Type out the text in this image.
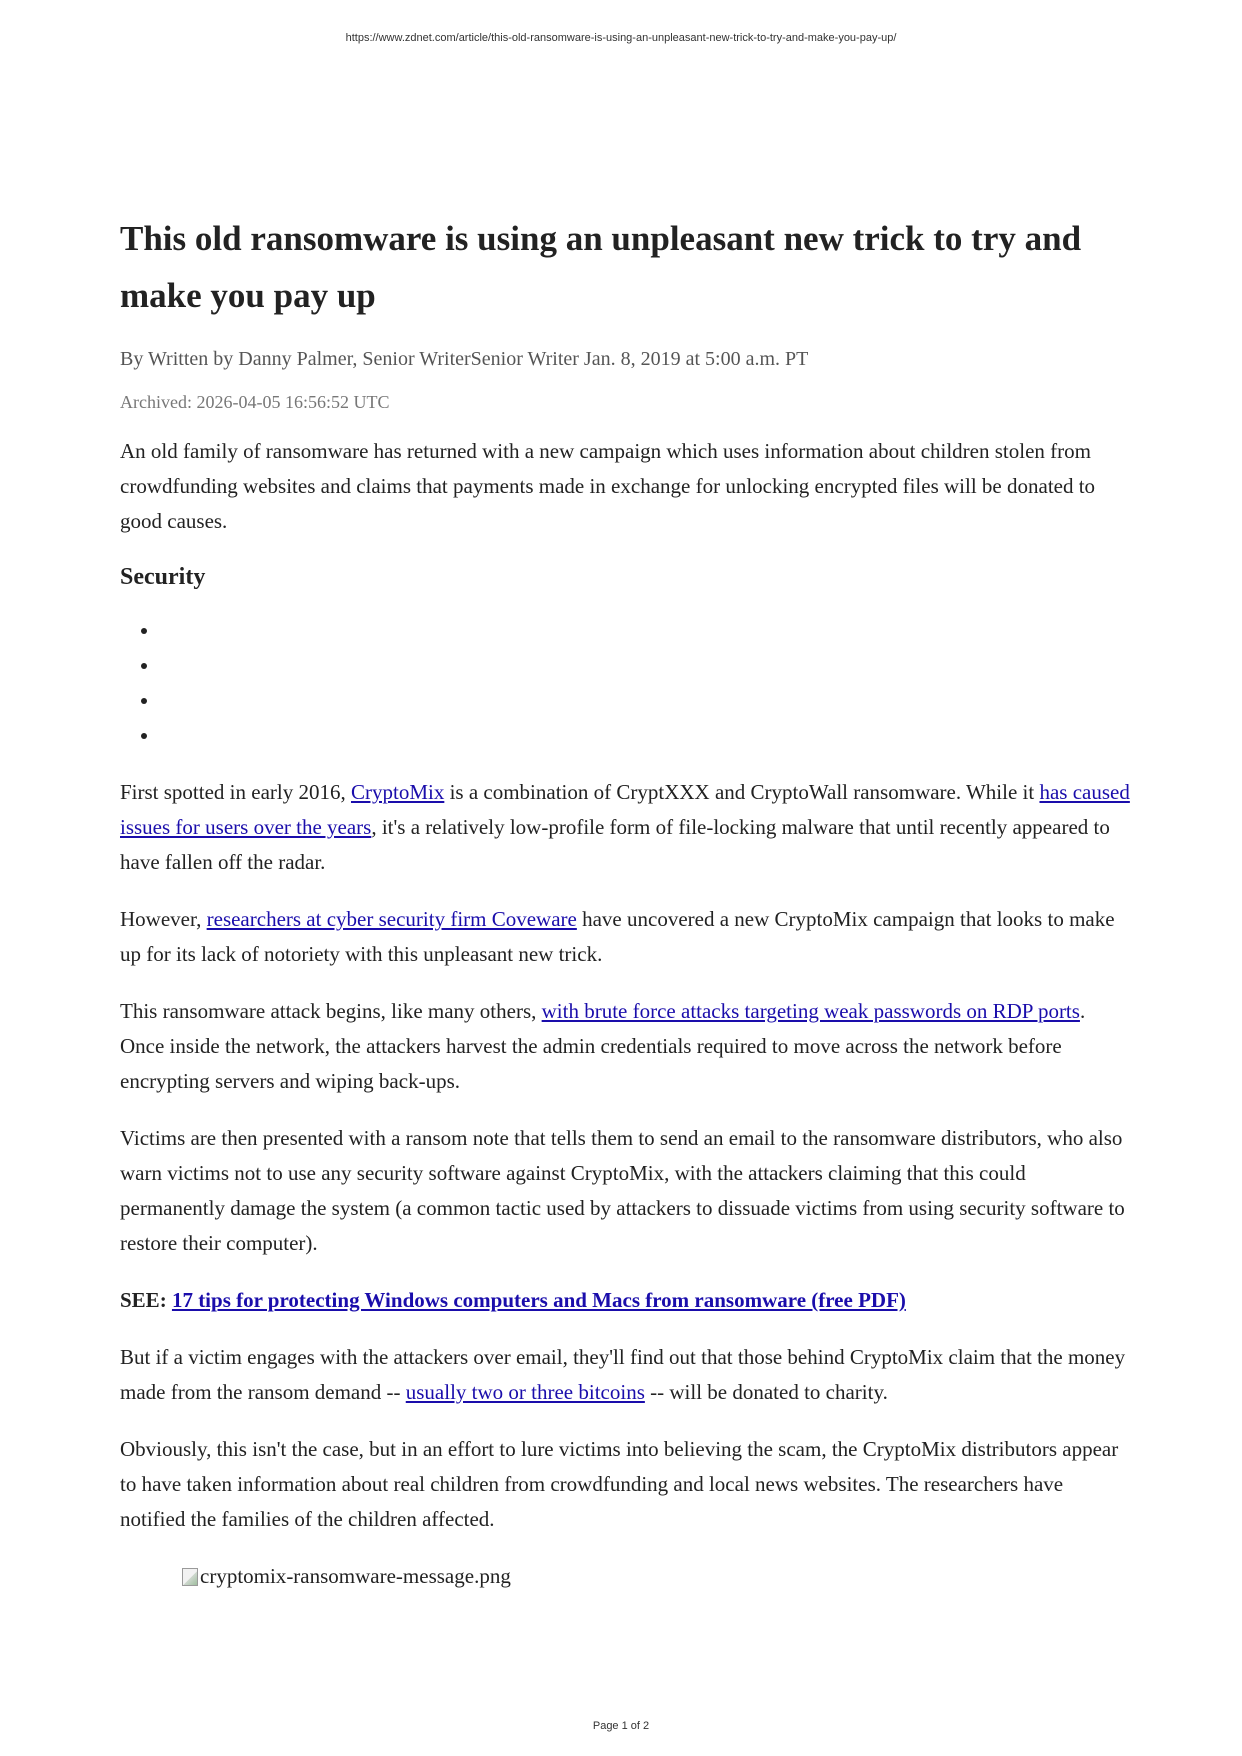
https://www.zdnet.com/article/this-old-ransomware-is-using-an-unpleasant-new-trick-to-try-and-make-you-pay-up/
This old ransomware is using an unpleasant new trick to try and make you pay up
By Written by Danny Palmer, Senior WriterSenior Writer Jan. 8, 2019 at 5:00 a.m. PT
Archived: 2026-04-05 16:56:52 UTC

An old family of ransomware has returned with a new campaign which uses information about children stolen from crowdfunding websites and claims that payments made in exchange for unlocking encrypted files will be donated to good causes.

Security
•
•
•
•

First spotted in early 2016, CryptoMix is a combination of CryptXXX and CryptoWall ransomware. While it has caused issues for users over the years, it's a relatively low-profile form of file-locking malware that until recently appeared to have fallen off the radar.

However, researchers at cyber security firm Coveware have uncovered a new CryptoMix campaign that looks to make up for its lack of notoriety with this unpleasant new trick.

This ransomware attack begins, like many others, with brute force attacks targeting weak passwords on RDP ports. Once inside the network, the attackers harvest the admin credentials required to move across the network before encrypting servers and wiping back-ups.

Victims are then presented with a ransom note that tells them to send an email to the ransomware distributors, who also warn victims not to use any security software against CryptoMix, with the attackers claiming that this could permanently damage the system (a common tactic used by attackers to dissuade victims from using security software to restore their computer).

SEE: 17 tips for protecting Windows computers and Macs from ransomware (free PDF)

But if a victim engages with the attackers over email, they'll find out that those behind CryptoMix claim that the money made from the ransom demand -- usually two or three bitcoins -- will be donated to charity.

Obviously, this isn't the case, but in an effort to lure victims into believing the scam, the CryptoMix distributors appear to have taken information about real children from crowdfunding and local news websites. The researchers have notified the families of the children affected.

cryptomix-ransomware-message.png
Page 1 of 2
